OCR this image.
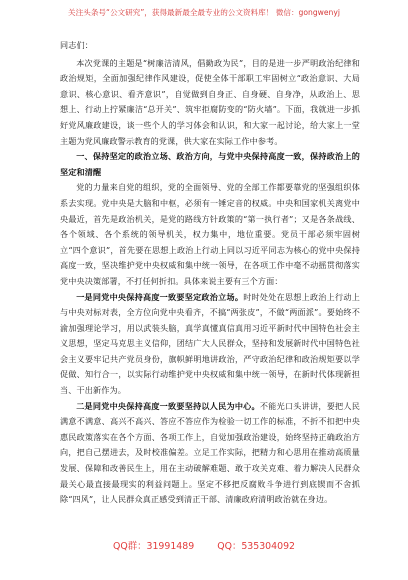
关注头条号“公文研究”，获得最新最全最专业的公文资料库！ 微信：gongwenyj

同志们：

本次党课的主题是“树廉洁清风，倡勤政为民”，目的是进一步严明政治纪律和政治规矩，全面加强纪律作风建设，促使全体干部职工牢固树立“政治意识、大局意识、核心意识、看齐意识”，自觉做到自身正、自身硬、自身净，从政治上、思想上、行动上拧紧廉洁“总开关”、筑牢拒腐防变的“防火墙”。下面，我就进一步抓好党风廉政建设，谈一些个人的学习体会和认识，和大家一起讨论，给大家上一堂主题为党风廉政警示教育的党课，供大家在实际工作中参考。

一、保持坚定的政治立场、政治方向，与党中央保持高度一致，保持政治上的坚定和清醒

党的力量来自党的组织，党的全面领导、党的全部工作都要靠党的坚强组织体系去实现。党中央是大脑和中枢，必须有一锤定音的权威。中央和国家机关离党中央最近，首先是政治机关，是党的路线方针政策的“第一执行者”；又是各条战线、各个领域、各个系统的领导机关，权力集中，地位重要。党员干部必须牢固树立“四个意识”，首先要在思想上政治上行动上同以习近平同志为核心的党中央保持高度一致，坚决维护党中央权威和集中统一领导，在各项工作中毫不动摇贯彻落实党中央决策部署，不打任何折扣。具体来说主要有三个方面：

一是同党中央保持高度一致要坚定政治立场。时时处处在思想上政治上行动上与中央对标对表，全方位向党中央看齐，不搞“两张皮”，不做“两面派”。要始终不渝加强理论学习，用以武装头脑，真学真懂真信真用习近平新时代中国特色社会主义思想，坚定马克思主义信仰，团结广大人民群众，坚持和发展新时代中国特色社会主义要牢记共产党员身份，旗帜鲜明地讲政治，严守政治纪律和政治规矩要以学促做、知行合一，以实际行动维护党中央权威和集中统一领导，在新时代体现新担当、干出新作为。

二是同党中央保持高度一致要坚持以人民为中心。不能光口头讲讲，要把人民满意不满意、高兴不高兴、答应不答应作为检验一切工作的标准，不折不扣把中央惠民政策落实在各个方面、各项工作上，自觉加强政治建设，始终坚持正确政治方向，把自己摆进去，及时校准偏差。立足工作实际，把精力和心思用在推动高质量发展、保障和改善民生上，用在主动破解难题、敢于攻关克难、着力解决人民群众最关心最直接最现实的利益问题上。坚定不移把反腐败斗争进行到底锲而不舍抓除“四风”，让人民群众真正感受到清正干部、清廉政府清明政治就在身边。

QQ群：31991489 QQ：535304092
